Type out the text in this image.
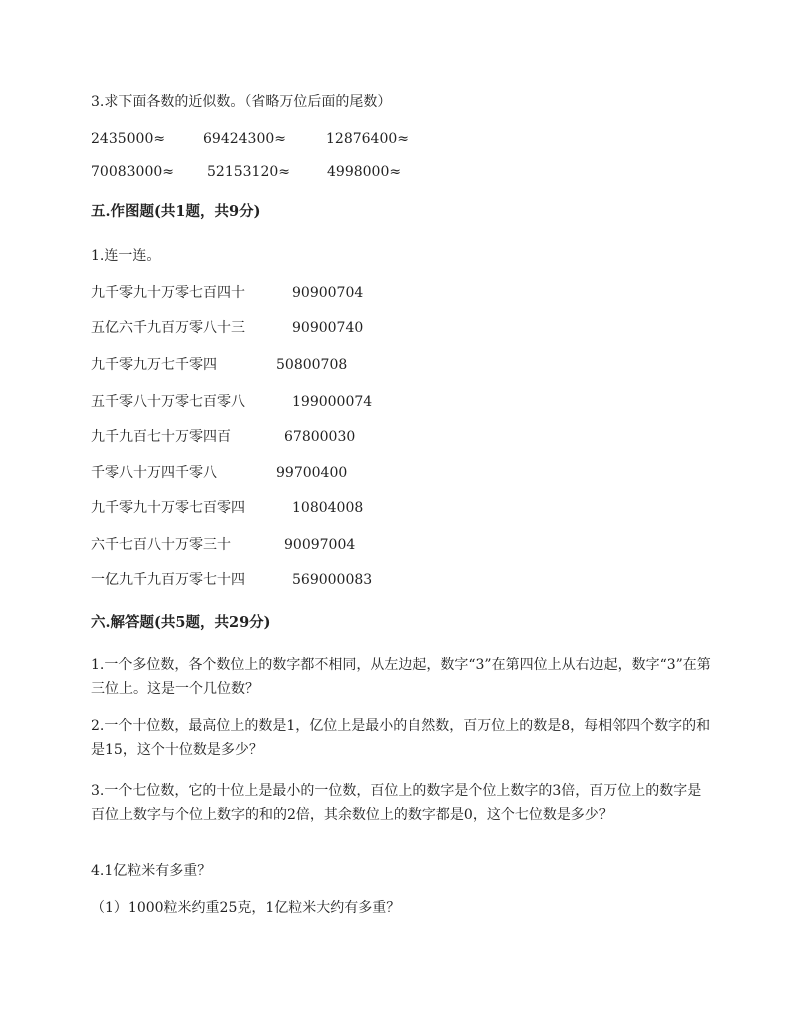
3.求下面各数的近似数。（省略万位后面的尾数）
2435000≈	69424300≈	12876400≈
70083000≈ 52153120≈	4998000≈
五.作图题(共1题，共9分)
1.连一连。
九千零九十万零七百四十	90900704
五亿六千九百万零八十三	90900740
九千零九万七千零四	50800708
五千零八十万零七百零八	199000074
九千九百七十万零四百	67800030
千零八十万四千零八	99700400
九千零九十万零七百零四	10804008
六千七百八十万零三十	90097004
一亿九千九百万零七十四	569000083
六.解答题(共5题，共29分)
1.一个多位数，各个数位上的数字都不相同，从左边起，数字“3”在第四位上从右边起，数字“3”在第三位上。这是一个几位数？
2.一个十位数，最高位上的数是1，亿位上是最小的自然数，百万位上的数是8，每相邻四个数字的和是15，这个十位数是多少？
3.一个七位数，它的十位上是最小的一位数，百位上的数字是个位上数字的3倍，百万位上的数字是百位上数字与个位上数字的和的2倍，其余数位上的数字都是0，这个七位数是多少？
4.1亿粒米有多重？
（1）1000粒米约重25克，1亿粒米大约有多重？
